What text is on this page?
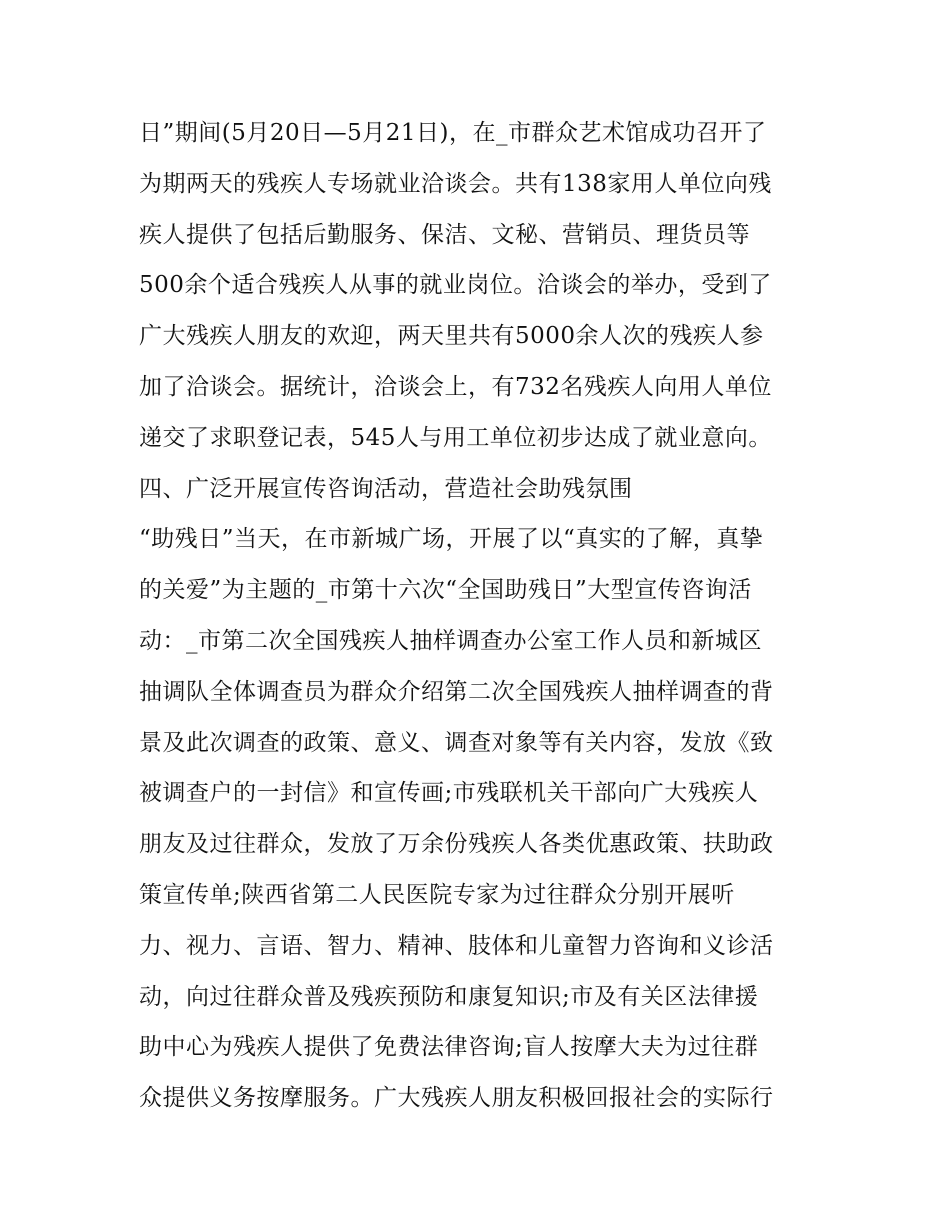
日”期间(5月20日—5月21日)，在_市群众艺术馆成功召开了
为期两天的残疾人专场就业洽谈会。共有138家用人单位向残
疾人提供了包括后勤服务、保洁、文秘、营销员、理货员等
500余个适合残疾人从事的就业岗位。洽谈会的举办，受到了
广大残疾人朋友的欢迎，两天里共有5000余人次的残疾人参
加了洽谈会。据统计，洽谈会上，有732名残疾人向用人单位
递交了求职登记表，545人与用工单位初步达成了就业意向。
四、广泛开展宣传咨询活动，营造社会助残氛围
“助残日”当天，在市新城广场，开展了以“真实的了解，真挚
的关爱”为主题的_市第十六次“全国助残日”大型宣传咨询活
动：_市第二次全国残疾人抽样调查办公室工作人员和新城区
抽调队全体调查员为群众介绍第二次全国残疾人抽样调查的背
景及此次调查的政策、意义、调查对象等有关内容，发放《致
被调查户的一封信》和宣传画;市残联机关干部向广大残疾人
朋友及过往群众，发放了万余份残疾人各类优惠政策、扶助政
策宣传单;陕西省第二人民医院专家为过往群众分别开展听
力、视力、言语、智力、精神、肢体和儿童智力咨询和义诊活
动，向过往群众普及残疾预防和康复知识;市及有关区法律援
助中心为残疾人提供了免费法律咨询;盲人按摩大夫为过往群
众提供义务按摩服务。广大残疾人朋友积极回报社会的实际行
